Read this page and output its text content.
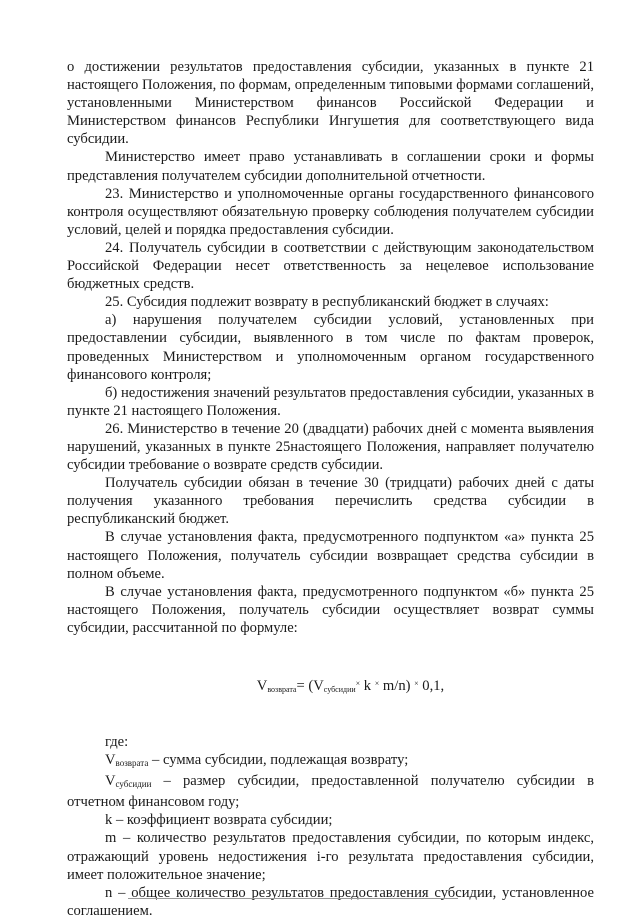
о достижении результатов предоставления субсидии, указанных в пункте 21 настоящего Положения, по формам, определенным типовыми формами соглашений, установленными Министерством финансов Российской Федерации и Министерством финансов Республики Ингушетия для соответствующего вида субсидии.

Министерство имеет право устанавливать в соглашении сроки и формы представления получателем субсидии дополнительной отчетности.

23. Министерство и уполномоченные органы государственного финансового контроля осуществляют обязательную проверку соблюдения получателем субсидии условий, целей и порядка предоставления субсидии.

24. Получатель субсидии в соответствии с действующим законодательством Российской Федерации несет ответственность за нецелевое использование бюджетных средств.

25. Субсидия подлежит возврату в республиканский бюджет в случаях:

а) нарушения получателем субсидии условий, установленных при предоставлении субсидии, выявленного в том числе по фактам проверок, проведенных Министерством и уполномоченным органом государственного финансового контроля;

б) недостижения значений результатов предоставления субсидии, указанных в пункте 21 настоящего Положения.

26. Министерство в течение 20 (двадцати) рабочих дней с момента выявления нарушений, указанных в пункте 25настоящего Положения, направляет получателю субсидии требование о возврате средств субсидии.

Получатель субсидии обязан в течение 30 (тридцати) рабочих дней с даты получения указанного требования перечислить средства субсидии в республиканский бюджет.

В случае установления факта, предусмотренного подпунктом «а» пункта 25 настоящего Положения, получатель субсидии возвращает средства субсидии в полном объеме.

В случае установления факта, предусмотренного подпунктом «б» пункта 25 настоящего Положения, получатель субсидии осуществляет возврат суммы субсидии, рассчитанной по формуле:

$V_{возврата}= (V_{субсидии}^\times$ k × m/n) × 0,1,

где:

$V_{возврата}$ – сумма субсидии, подлежащая возврату;

$V_{субсидии}$ – размер субсидии, предоставленной получателю субсидии в отчетном финансовом году;

k – коэффициент возврата субсидии;

m – количество результатов предоставления субсидии, по которым индекс, отражающий уровень недостижения i-го результата предоставления субсидии, имеет положительное значение;

n – общее количество результатов предоставления субсидии, установленное соглашением.
